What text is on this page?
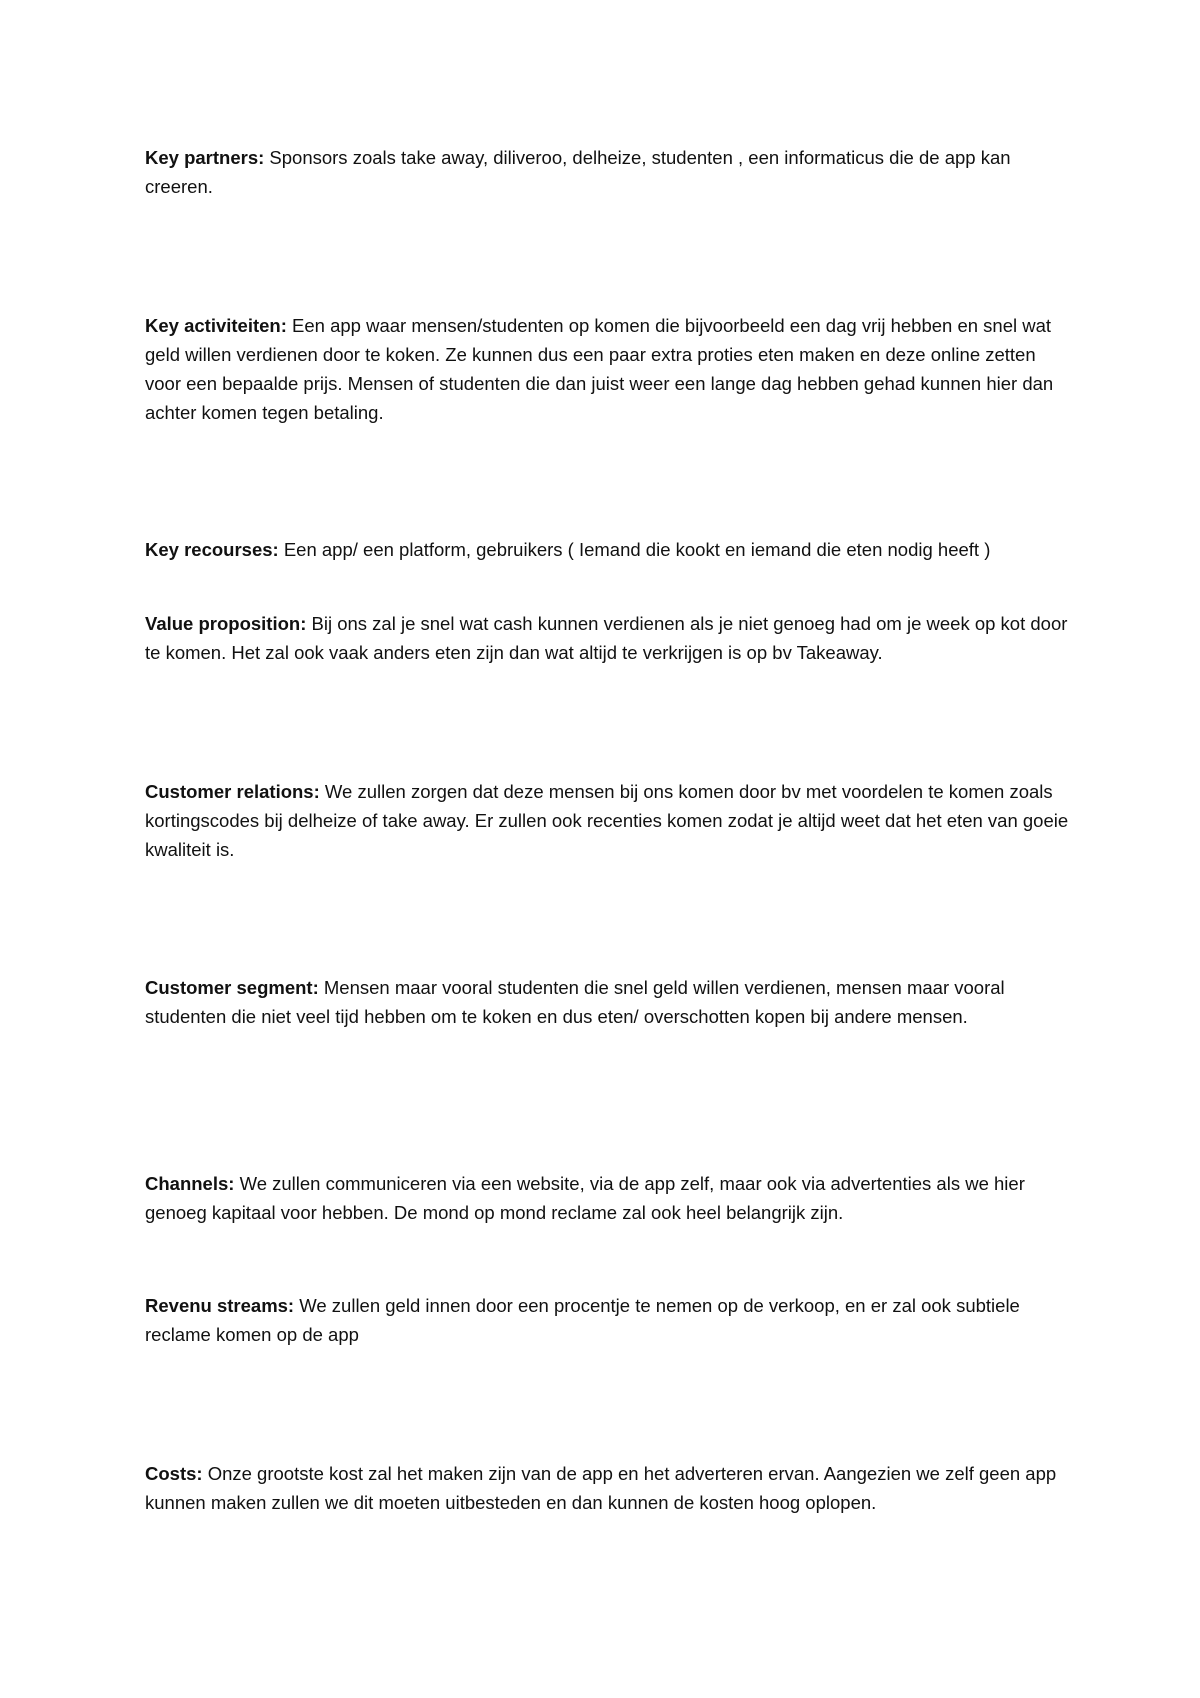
Key partners: Sponsors zoals take away, diliveroo, delheize, studenten , een informaticus die de app kan creeren.

Key activiteiten: Een app waar mensen/studenten op komen die bijvoorbeeld een dag vrij hebben en snel wat geld willen verdienen door te koken. Ze kunnen dus een paar extra proties eten maken en deze online zetten voor een bepaalde prijs. Mensen of studenten die dan juist weer een lange dag hebben gehad kunnen hier dan achter komen tegen betaling.

Key recourses: Een app/ een platform, gebruikers ( Iemand die kookt en iemand die eten nodig heeft )

Value proposition: Bij ons zal je snel wat cash kunnen verdienen als je niet genoeg had om je week op kot door te komen. Het zal ook vaak anders eten zijn dan wat altijd te verkrijgen is op bv Takeaway.

Customer relations: We zullen zorgen dat deze mensen bij ons komen door bv met voordelen te komen zoals kortingscodes bij delheize of take away. Er zullen ook recenties komen zodat je altijd weet dat het eten van goeie kwaliteit is.

Customer segment: Mensen maar vooral studenten die snel geld willen verdienen, mensen maar vooral studenten die niet veel tijd hebben om te koken en dus eten/ overschotten kopen bij andere mensen.

Channels: We zullen communiceren via een website, via de app zelf, maar ook via advertenties als we hier genoeg kapitaal voor hebben. De mond op mond reclame zal ook heel belangrijk zijn.

Revenu streams: We zullen geld innen door een procentje te nemen op de verkoop, en er zal ook subtiele reclame komen op de app

Costs: Onze grootste kost zal het maken zijn van de app en het adverteren ervan. Aangezien we zelf geen app kunnen maken zullen we dit moeten uitbesteden en dan kunnen de kosten hoog oplopen.
